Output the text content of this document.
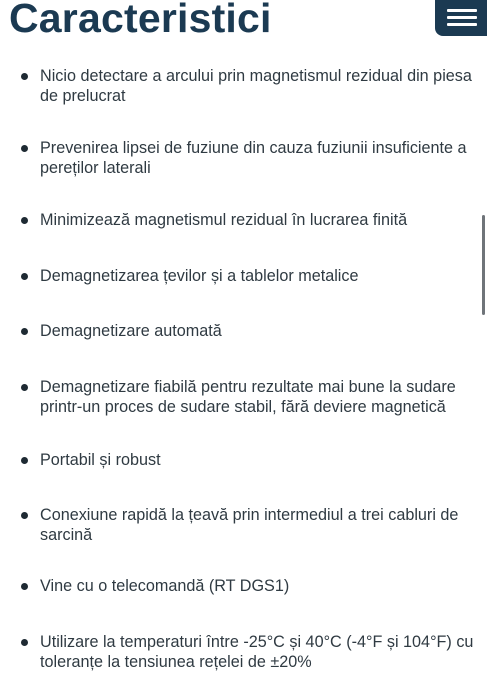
Caracteristici
Nicio detectare a arcului prin magnetismul rezidual din piesa de prelucrat
Prevenirea lipsei de fuziune din cauza fuziunii insuficiente a pereților laterali
Minimizează magnetismul rezidual în lucrarea finită
Demagnetizarea țevilor și a tablelor metalice
Demagnetizare automată
Demagnetizare fiabilă pentru rezultate mai bune la sudare printr-un proces de sudare stabil, fără deviere magnetică
Portabil și robust
Conexiune rapidă la țeavă prin intermediul a trei cabluri de sarcină
Vine cu o telecomandă (RT DGS1)
Utilizare la temperaturi între -25°C și 40°C (-4°F și 104°F) cu toleranțe la tensiunea rețelei de ±20%
